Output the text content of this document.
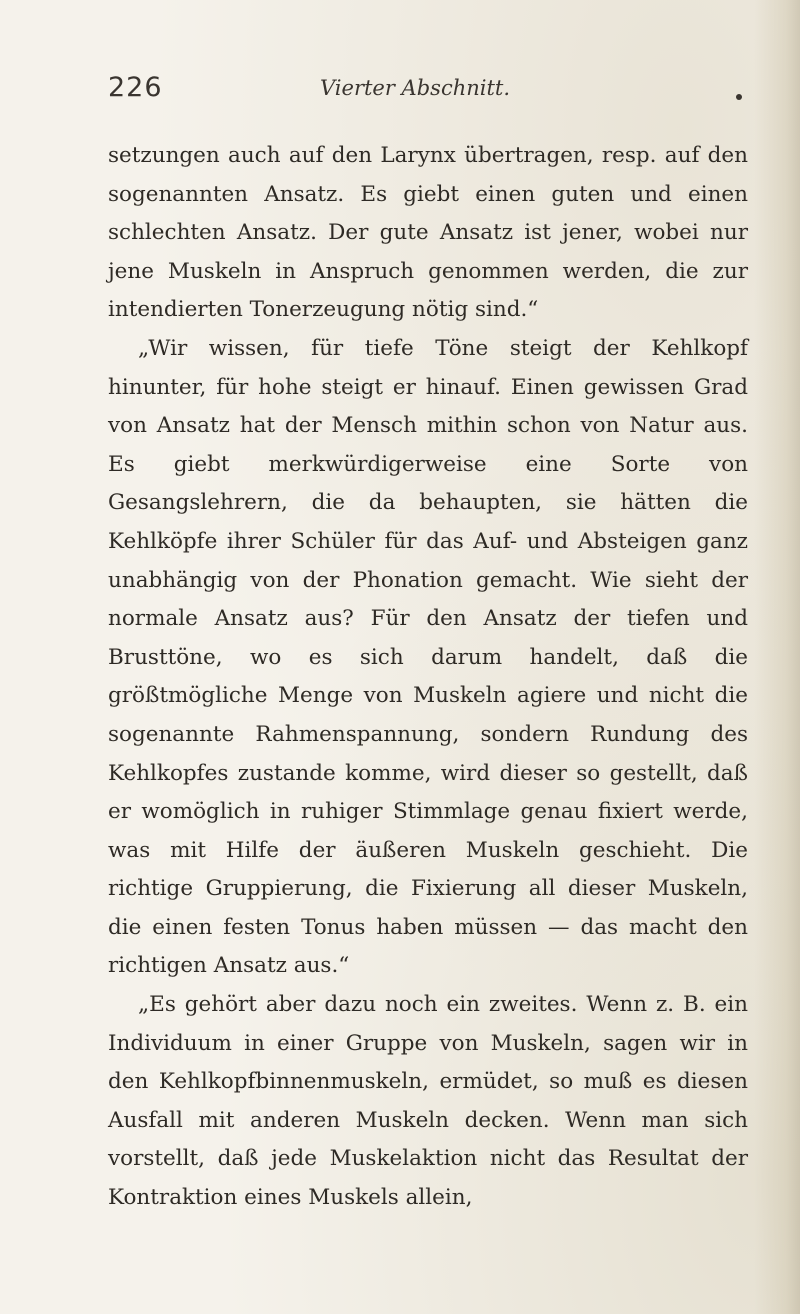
226	Vierter Abschnitt.

setzungen auch auf den Larynx übertragen, resp. auf den sogenannten Ansatz. Es giebt einen guten und einen schlechten Ansatz. Der gute Ansatz ist jener, wobei nur jene Muskeln in Anspruch genommen werden, die zur intendierten Tonerzeugung nötig sind.“

„Wir wissen, für tiefe Töne steigt der Kehlkopf hinunter, für hohe steigt er hinauf. Einen gewissen Grad von Ansatz hat der Mensch mithin schon von Natur aus. Es giebt merkwürdigerweise eine Sorte von Gesangslehrern, die da behaupten, sie hätten die Kehlköpfe ihrer Schüler für das Auf- und Absteigen ganz unabhängig von der Phonation gemacht. Wie sieht der normale Ansatz aus? Für den Ansatz der tiefen und Brusttöne, wo es sich darum handelt, daß die größtmögliche Menge von Muskeln agiere und nicht die sogenannte Rahmenspannung, sondern Rundung des Kehlkopfes zustande komme, wird dieser so gestellt, daß er womöglich in ruhiger Stimmlage genau fixiert werde, was mit Hilfe der äußeren Muskeln geschieht. Die richtige Gruppierung, die Fixierung all dieser Muskeln, die einen festen Tonus haben müssen — das macht den richtigen Ansatz aus.“

„Es gehört aber dazu noch ein zweites. Wenn z. B. ein Individuum in einer Gruppe von Muskeln, sagen wir in den Kehlkopfbinnenmuskeln, ermüdet, so muß es diesen Ausfall mit anderen Muskeln decken. Wenn man sich vorstellt, daß jede Muskelaktion nicht das Resultat der Kontraktion eines Muskels allein,
